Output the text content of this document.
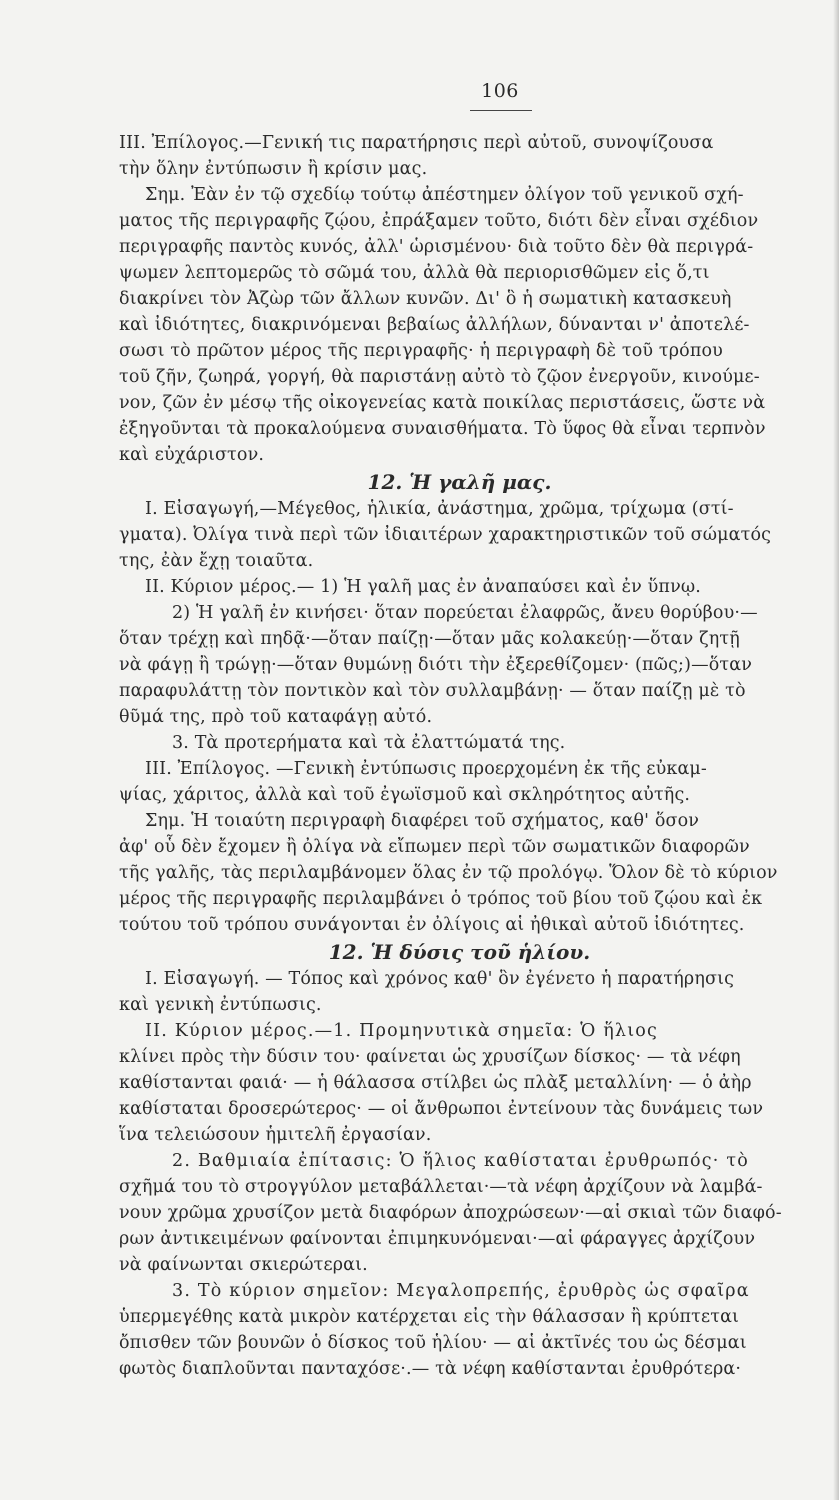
106
III. Ἐπίλογος.—Γενική τις παρατήρησις περὶ αὐτοῦ, συνοψίζουσα
τὴν ὅλην ἐντύπωσιν ἢ κρίσιν μας.
Σημ. Ἐὰν ἐν τῷ σχεδίῳ τούτῳ ἀπέστημεν ὀλίγον τοῦ γενικοῦ σχή-
ματος τῆς περιγραφῆς ζῴου, ἐπράξαμεν τοῦτο, διότι δὲν εἶναι σχέδιον
περιγραφῆς παντὸς κυνός, ἀλλ' ὡρισμένου· διὰ τοῦτο δὲν θὰ περιγρά-
ψωμεν λεπτομερῶς τὸ σῶμά του, ἀλλὰ θὰ περιορισθῶμεν εἰς ὅ,τι
διακρίνει τὸν Ἀζὼρ τῶν ἄλλων κυνῶν. Δι' ὃ ἡ σωματικὴ κατασκευὴ
καὶ ἰδιότητες, διακρινόμεναι βεβαίως ἀλλήλων, δύνανται ν' ἀποτελέ-
σωσι τὸ πρῶτον μέρος τῆς περιγραφῆς· ἡ περιγραφὴ δὲ τοῦ τρόπου
τοῦ ζῆν, ζωηρά, γοργή, θὰ παριστάνῃ αὐτὸ τὸ ζῷον ἐνεργοῦν, κινούμε-
νον, ζῶν ἐν μέσῳ τῆς οἰκογενείας κατὰ ποικίλας περιστάσεις, ὥστε νὰ
ἐξηγοῦνται τὰ προκαλούμενα συναισθήματα. Τὸ ὕφος θὰ εἶναι τερπνὸν
καὶ εὐχάριστον.
12. Ἡ γαλῆ μας.
I. Εἰσαγωγή,—Μέγεθος, ἡλικία, ἀνάστημα, χρῶμα, τρίχωμα (στί-
γματα). Ὀλίγα τινὰ περὶ τῶν ἰδιαιτέρων χαρακτηριστικῶν τοῦ σώματός
της, ἐὰν ἔχῃ τοιαῦτα.
II. Κύριον μέρος.— 1) Ἡ γαλῆ μας ἐν ἀναπαύσει καὶ ἐν ὕπνῳ.
2) Ἡ γαλῆ ἐν κινήσει· ὅταν πορεύεται ἐλαφρῶς, ἄνευ θορύβου·—
ὅταν τρέχῃ καὶ πηδᾷ·—ὅταν παίζῃ·—ὅταν μᾶς κολακεύῃ·—ὅταν ζητῇ
νὰ φάγῃ ἢ τρώγῃ·—ὅταν θυμώνῃ διότι τὴν ἐξερεθίζομεν· (πῶς;)—ὅταν
παραφυλάττῃ τὸν ποντικὸν καὶ τὸν συλλαμβάνῃ· — ὅταν παίζῃ μὲ τὸ
θῦμά της, πρὸ τοῦ καταφάγῃ αὐτό.
3. Τὰ προτερήματα καὶ τὰ ἐλαττώματά της.
III. Ἐπίλογος. —Γενικὴ ἐντύπωσις προερχομένη ἐκ τῆς εὐκαμ-
ψίας, χάριτος, ἀλλὰ καὶ τοῦ ἐγωϊσμοῦ καὶ σκληρότητος αὐτῆς.
Σημ. Ἡ τοιαύτη περιγραφὴ διαφέρει τοῦ σχήματος, καθ' ὅσον
ἀφ' οὗ δὲν ἔχομεν ἢ ὀλίγα νὰ εἴπωμεν περὶ τῶν σωματικῶν διαφορῶν
τῆς γαλῆς, τὰς περιλαμβάνομεν ὅλας ἐν τῷ προλόγῳ. Ὅλον δὲ τὸ κύριον
μέρος τῆς περιγραφῆς περιλαμβάνει ὁ τρόπος τοῦ βίου τοῦ ζῴου καὶ ἐκ
τούτου τοῦ τρόπου συνάγονται ἐν ὀλίγοις αἱ ἠθικαὶ αὐτοῦ ἰδιότητες.
12. Ἡ δύσις τοῦ ἡλίου.
I. Εἰσαγωγή. — Τόπος καὶ χρόνος καθ' ὃν ἐγένετο ἡ παρατήρησις
καὶ γενικὴ ἐντύπωσις.
II. Κύριον μέρος.—1. Προμηνυτικὰ σημεῖα: Ὁ ἥλιος
κλίνει πρὸς τὴν δύσιν του· φαίνεται ὡς χρυσίζων δίσκος· — τὰ νέφη
καθίστανται φαιά· — ἡ θάλασσα στίλβει ὡς πλὰξ μεταλλίνη· — ὁ ἀὴρ
καθίσταται δροσερώτερος· — οἱ ἄνθρωποι ἐντείνουν τὰς δυνάμεις των
ἵνα τελειώσουν ἡμιτελῆ ἐργασίαν.
2. Βαθμιαία ἐπίτασις: Ὁ ἥλιος καθίσταται ἐρυθρωπός· τὸ
σχῆμά του τὸ στρογγύλον μεταβάλλεται·—τὰ νέφη ἀρχίζουν νὰ λαμβά-
νουν χρῶμα χρυσίζον μετὰ διαφόρων ἀποχρώσεων·—αἱ σκιαὶ τῶν διαφό-
ρων ἀντικειμένων φαίνονται ἐπιμηκυνόμεναι·—αἱ φάραγγες ἀρχίζουν
νὰ φαίνωνται σκιερώτεραι.
3. Τὸ κύριον σημεῖον: Μεγαλοπρεπής, ἐρυθρὸς ὡς σφαῖρα
ὑπερμεγέθης κατὰ μικρὸν κατέρχεται εἰς τὴν θάλασσαν ἢ κρύπτεται
ὄπισθεν τῶν βουνῶν ὁ δίσκος τοῦ ἡλίου· — αἱ ἀκτῖνές του ὡς δέσμαι
φωτὸς διαπλοῦνται πανταχόσε·.— τὰ νέφη καθίστανται ἐρυθρότερα·
